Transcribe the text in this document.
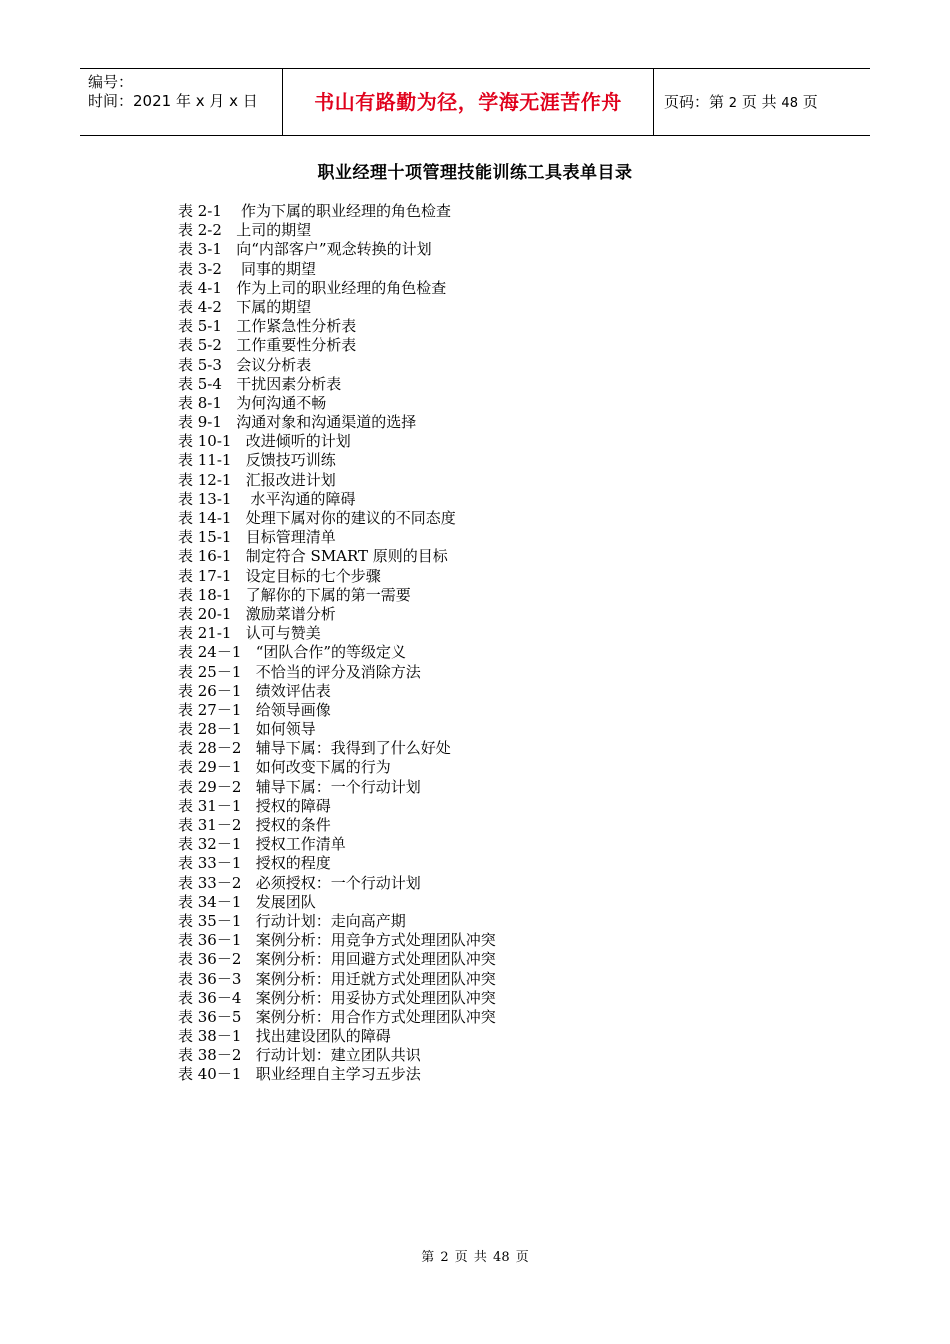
编号：
时间：2021 年 x 月 x 日	书山有路勤为径，学海无涯苦作舟	页码：第 2 页 共 48 页
职业经理十项管理技能训练工具表单目录
表 2-1    作为下属的职业经理的角色检查
表 2-2   上司的期望
表 3-1   向“内部客户”观念转换的计划
表 3-2    同事的期望
表 4-1   作为上司的职业经理的角色检查
表 4-2   下属的期望
表 5-1   工作紧急性分析表
表 5-2   工作重要性分析表
表 5-3   会议分析表
表 5-4   干扰因素分析表
表 8-1   为何沟通不畅
表 9-1   沟通对象和沟通渠道的选择
表 10-1   改进倾听的计划
表 11-1   反馈技巧训练
表 12-1   汇报改进计划
表 13-1    水平沟通的障碍
表 14-1   处理下属对你的建议的不同态度
表 15-1   目标管理清单
表 16-1   制定符合 SMART 原则的目标
表 17-1   设定目标的七个步骤
表 18-1   了解你的下属的第一需要
表 20-1   激励菜谱分析
表 21-1   认可与赞美
表 24－1   “团队合作”的等级定义
表 25－1   不恰当的评分及消除方法
表 26－1   绩效评估表
表 27－1   给领导画像
表 28－1   如何领导
表 28－2   辅导下属：我得到了什么好处
表 29－1   如何改变下属的行为
表 29－2   辅导下属：一个行动计划
表 31－1   授权的障碍
表 31－2   授权的条件
表 32－1   授权工作清单
表 33－1   授权的程度
表 33－2   必须授权：一个行动计划
表 34－1   发展团队
表 35－1   行动计划：走向高产期
表 36－1   案例分析：用竞争方式处理团队冲突
表 36－2   案例分析：用回避方式处理团队冲突
表 36－3   案例分析：用迁就方式处理团队冲突
表 36－4   案例分析：用妥协方式处理团队冲突
表 36－5   案例分析：用合作方式处理团队冲突
表 38－1   找出建设团队的障碍
表 38－2   行动计划：建立团队共识
表 40－1   职业经理自主学习五步法
第 2 页 共 48 页
